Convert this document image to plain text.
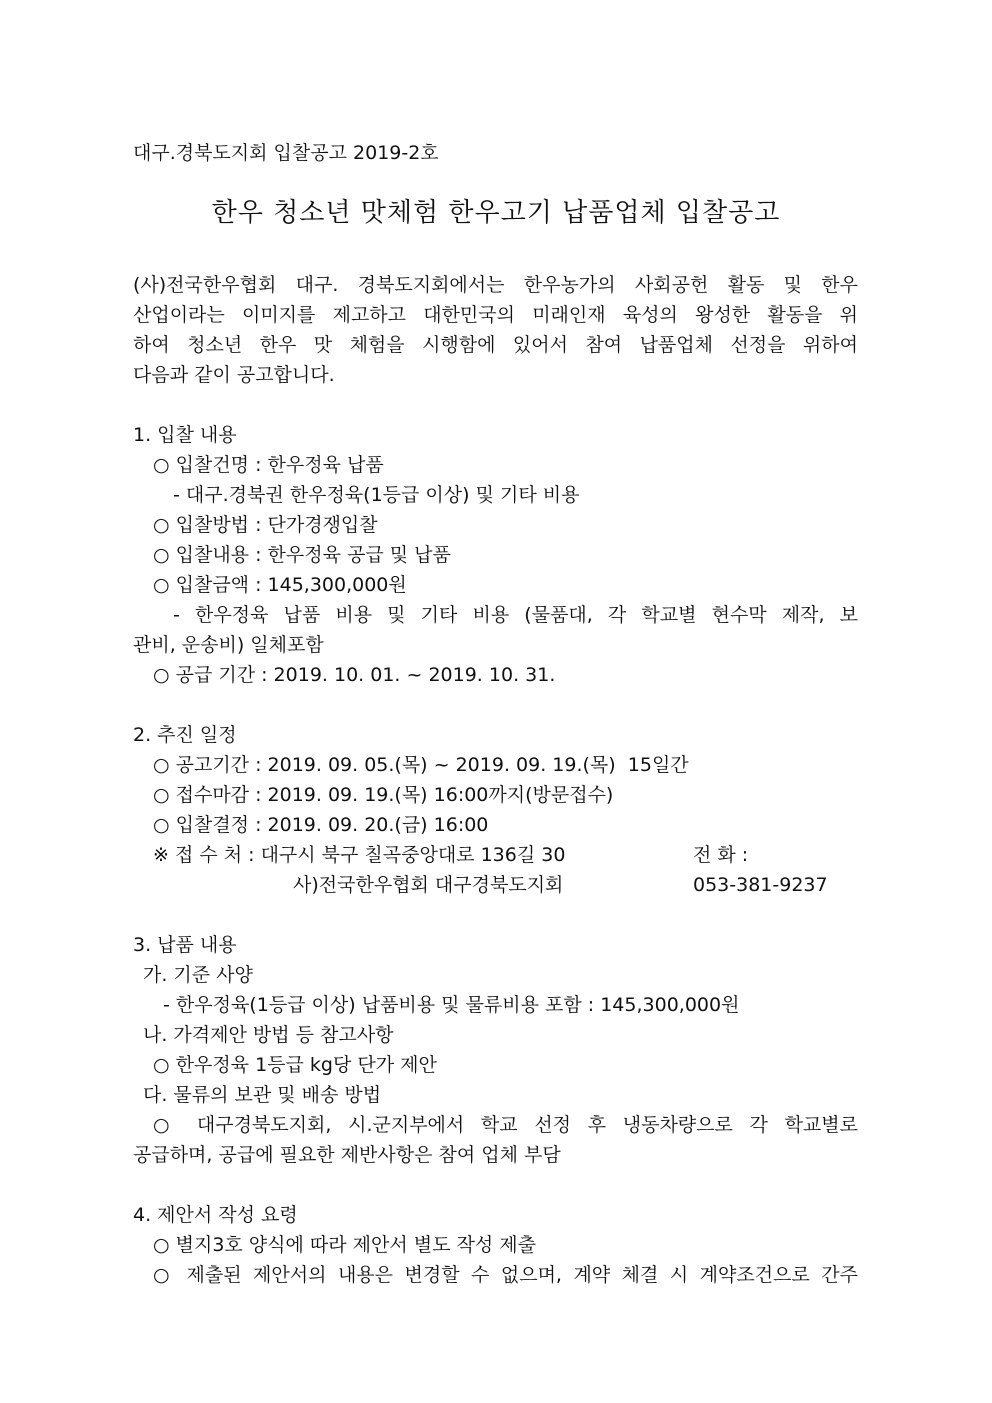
대구.경북도지회 입찰공고 2019-2호
한우 청소년 맛체험 한우고기 납품업체 입찰공고
(사)전국한우협회 대구. 경북도지회에서는 한우농가의 사회공헌 활동 및 한우
산업이라는 이미지를 제고하고 대한민국의 미래인재 육성의 왕성한 활동을 위
하여 청소년 한우 맛 체험을 시행함에 있어서 참여 납품업체 선정을 위하여
다음과 같이 공고합니다.
1. 입찰 내용
○ 입찰건명 : 한우정육 납품
- 대구.경북권 한우정육(1등급 이상) 및 기타 비용
○ 입찰방법 : 단가경쟁입찰
○ 입찰내용 : 한우정육 공급 및 납품
○ 입찰금액 : 145,300,000원
- 한우정육 납품 비용 및 기타 비용 (물품대, 각 학교별 현수막 제작, 보
관비, 운송비) 일체포함
○ 공급 기간 : 2019. 10. 01. ~ 2019. 10. 31.
2. 추진 일정
○ 공고기간 : 2019. 09. 05.(목) ~ 2019. 09. 19.(목)  15일간
○ 접수마감 : 2019. 09. 19.(목) 16:00까지(방문접수)
○ 입찰결정 : 2019. 09. 20.(금) 16:00
※ 접 수 처 : 대구시 북구 칠곡중앙대로 136길 30	전 화 :
사)전국한우협회 대구경북도지회	053-381-9237
3. 납품 내용
가. 기준 사양
- 한우정육(1등급 이상) 납품비용 및 물류비용 포함 : 145,300,000원
나. 가격제안 방법 등 참고사항
○ 한우정육 1등급 kg당 단가 제안
다. 물류의 보관 및 배송 방법
○ 대구경북도지회, 시.군지부에서 학교 선정 후 냉동차량으로 각 학교별로
공급하며, 공급에 필요한 제반사항은 참여 업체 부담
4. 제안서 작성 요령
○ 별지3호 양식에 따라 제안서 별도 작성 제출
○ 제출된 제안서의 내용은 변경할 수 없으며, 계약 체결 시 계약조건으로 간주
